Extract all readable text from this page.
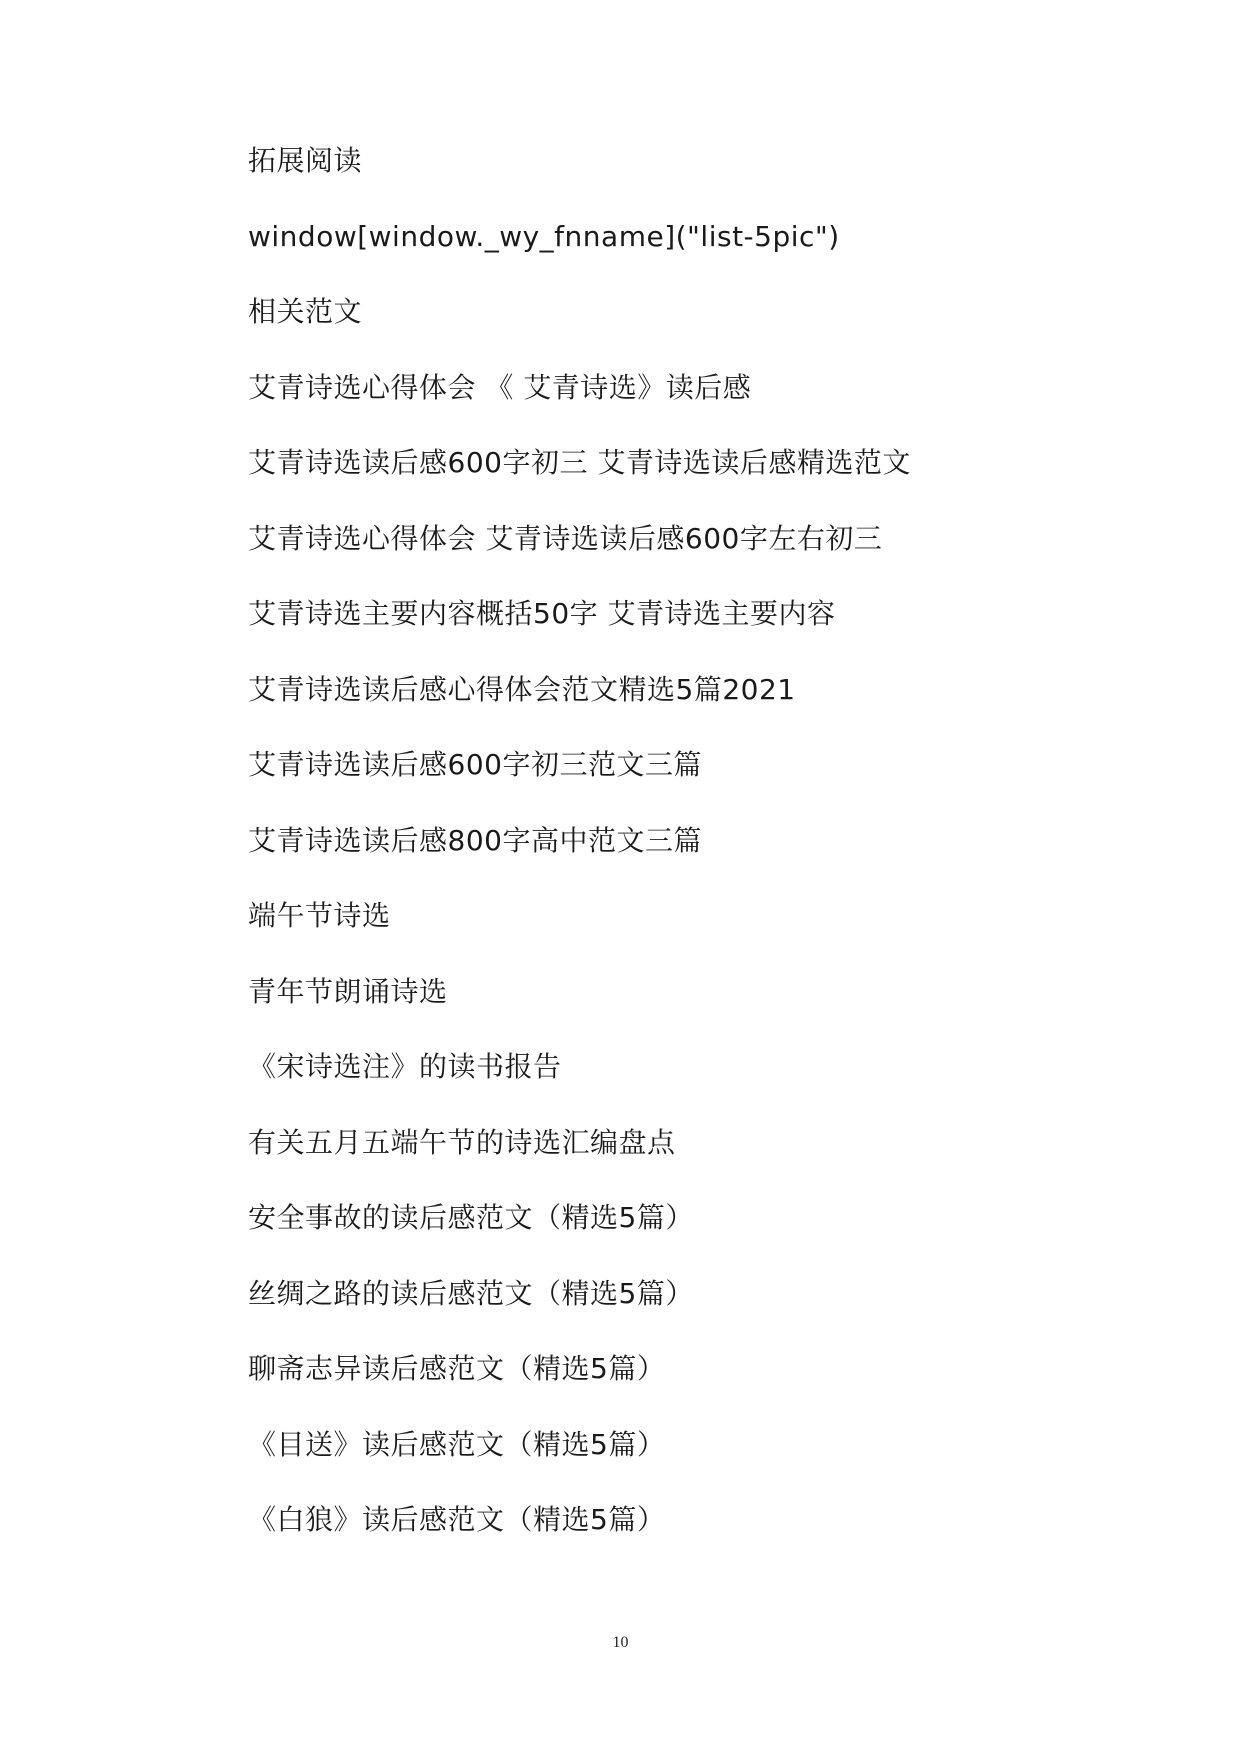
拓展阅读
window[window._wy_fnname]("list-5pic")
相关范文
艾青诗选心得体会 《 艾青诗选》读后感
艾青诗选读后感600字初三 艾青诗选读后感精选范文
艾青诗选心得体会 艾青诗选读后感600字左右初三
艾青诗选主要内容概括50字 艾青诗选主要内容
艾青诗选读后感心得体会范文精选5篇2021
艾青诗选读后感600字初三范文三篇
艾青诗选读后感800字高中范文三篇
端午节诗选
青年节朗诵诗选
《宋诗选注》的读书报告
有关五月五端午节的诗选汇编盘点
安全事故的读后感范文（精选5篇）
丝绸之路的读后感范文（精选5篇）
聊斋志异读后感范文（精选5篇）
《目送》读后感范文（精选5篇）
《白狼》读后感范文（精选5篇）
10
